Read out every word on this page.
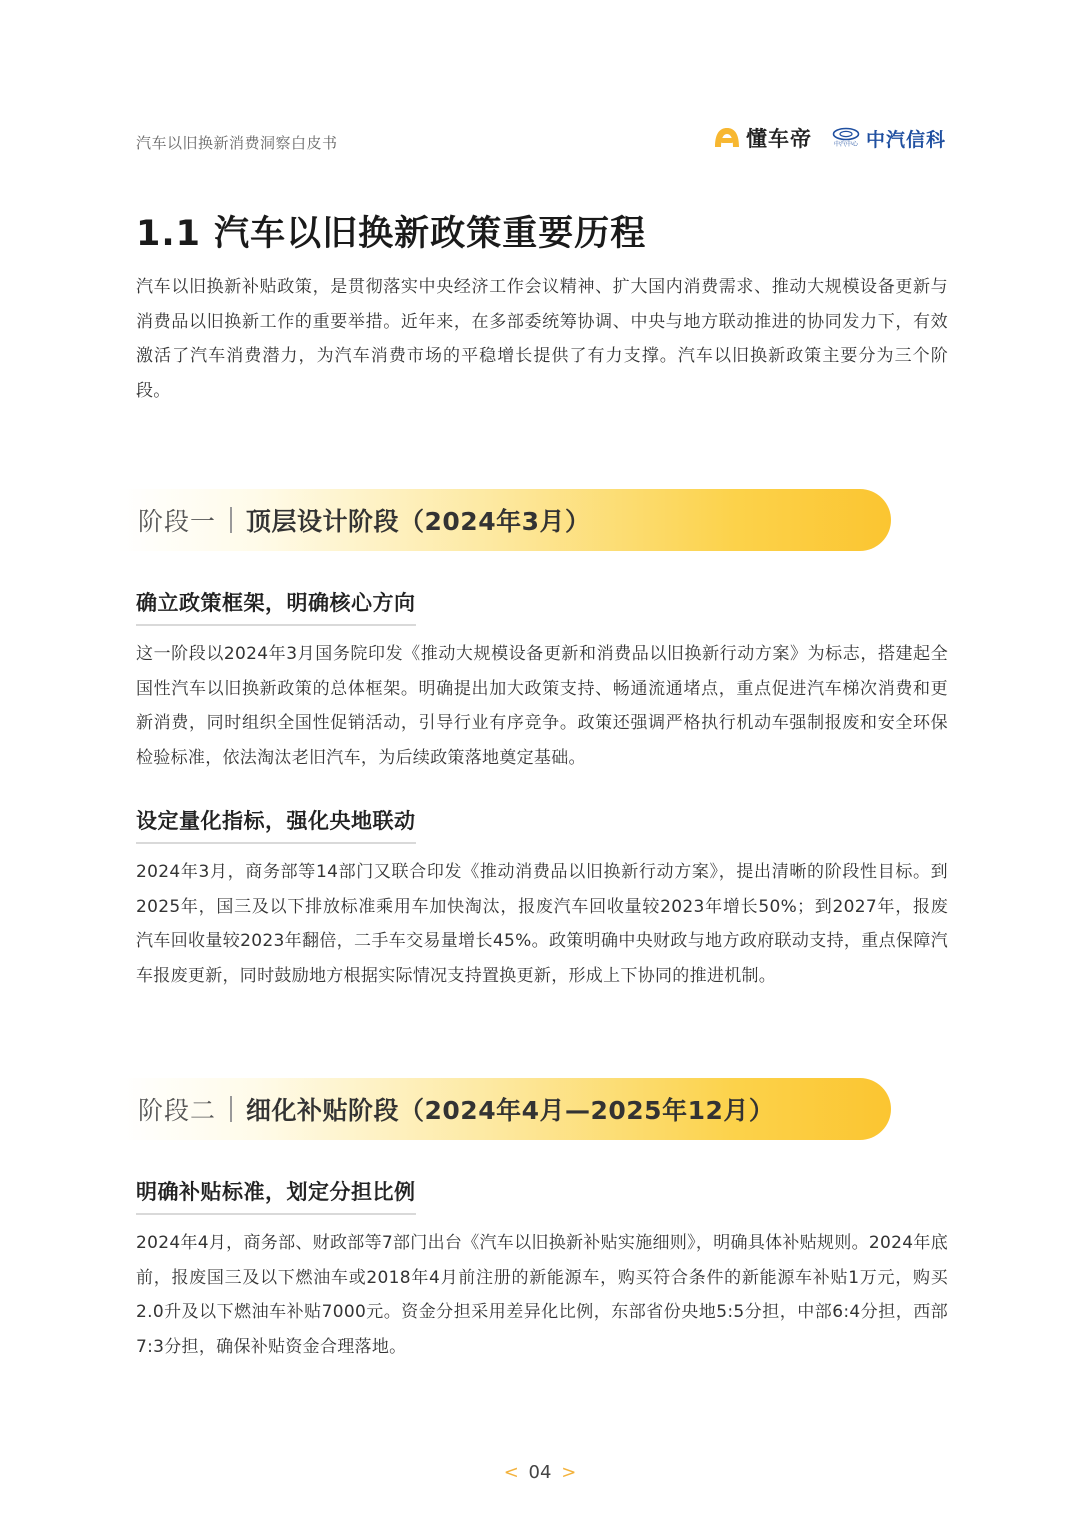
汽车以旧换新消费洞察白皮书	懂车帝	中汽中心 中汽信科
1.1 汽车以旧换新政策重要历程
汽车以旧换新补贴政策，是贯彻落实中央经济工作会议精神、扩大国内消费需求、推动大规模设备更新与消费品以旧换新工作的重要举措。近年来，在多部委统筹协调、中央与地方联动推进的协同发力下，有效激活了汽车消费潜力，为汽车消费市场的平稳增长提供了有力支撑。汽车以旧换新政策主要分为三个阶段。
阶段一 顶层设计阶段（2024年3月）
确立政策框架，明确核心方向
这一阶段以2024年3月国务院印发《推动大规模设备更新和消费品以旧换新行动方案》为标志，搭建起全国性汽车以旧换新政策的总体框架。明确提出加大政策支持、畅通流通堵点，重点促进汽车梯次消费和更新消费，同时组织全国性促销活动，引导行业有序竞争。政策还强调严格执行机动车强制报废和安全环保检验标准，依法淘汰老旧汽车，为后续政策落地奠定基础。
设定量化指标，强化央地联动
2024年3月，商务部等14部门又联合印发《推动消费品以旧换新行动方案》，提出清晰的阶段性目标。到2025年，国三及以下排放标准乘用车加快淘汰，报废汽车回收量较2023年增长50%；到2027年，报废汽车回收量较2023年翻倍，二手车交易量增长45%。政策明确中央财政与地方政府联动支持，重点保障汽车报废更新，同时鼓励地方根据实际情况支持置换更新，形成上下协同的推进机制。
阶段二 细化补贴阶段（2024年4月—2025年12月）
明确补贴标准，划定分担比例
2024年4月，商务部、财政部等7部门出台《汽车以旧换新补贴实施细则》，明确具体补贴规则。2024年底前，报废国三及以下燃油车或2018年4月前注册的新能源车，购买符合条件的新能源车补贴1万元，购买2.0升及以下燃油车补贴7000元。资金分担采用差异化比例，东部省份央地5:5分担，中部6:4分担，西部7:3分担，确保补贴资金合理落地。
< 04 >
